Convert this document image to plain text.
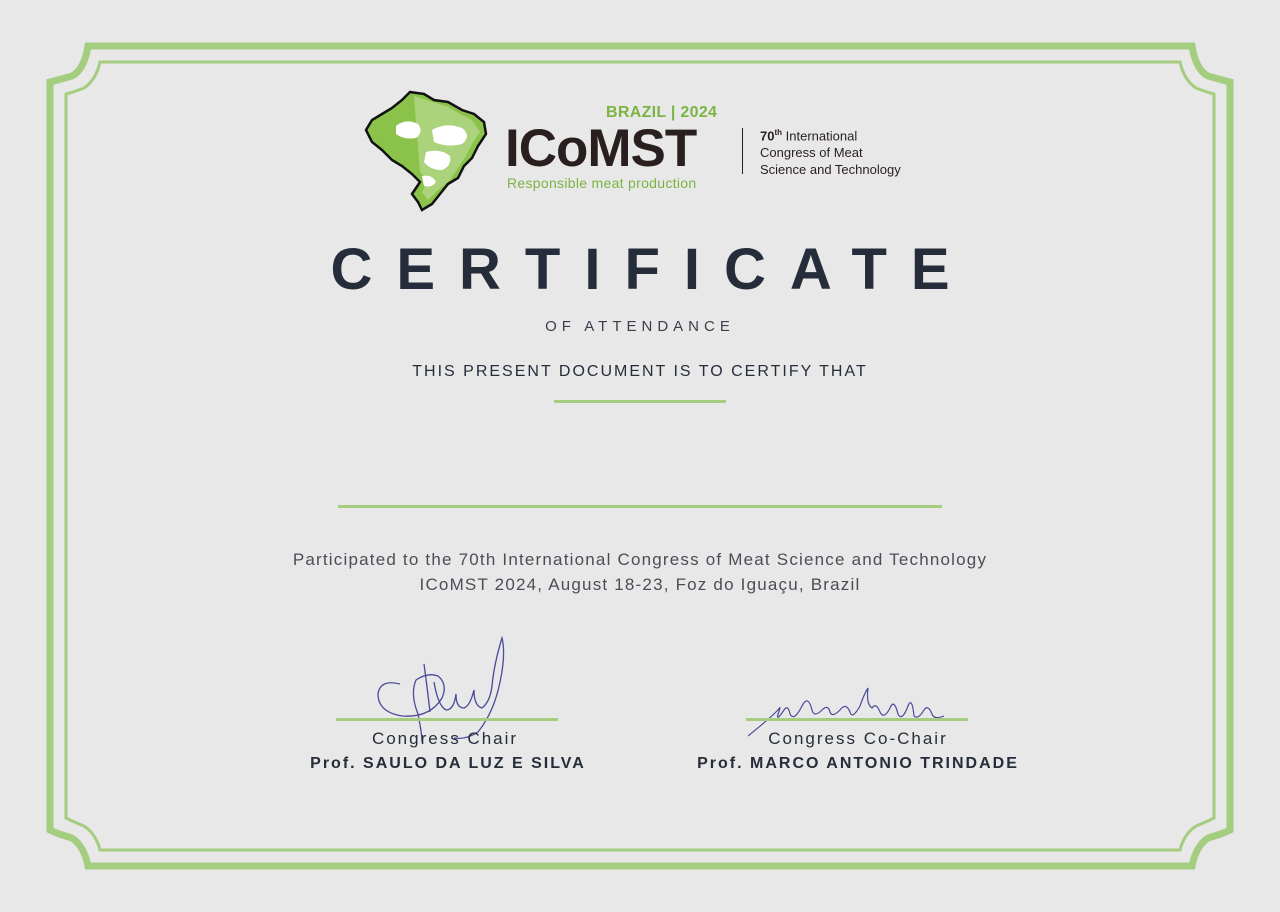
BRAZIL | 2024
ICoMST
Responsible meat production
70th International
Congress of Meat
Science and Technology
CERTIFICATE
OF ATTENDANCE
THIS PRESENT DOCUMENT IS TO CERTIFY THAT
Participated to the 70th International Congress of Meat Science and Technology
ICoMST 2024, August 18-23, Foz do Iguaçu, Brazil
Congress Chair
Prof. SAULO DA LUZ E SILVA
Congress Co-Chair
Prof. MARCO ANTONIO TRINDADE
